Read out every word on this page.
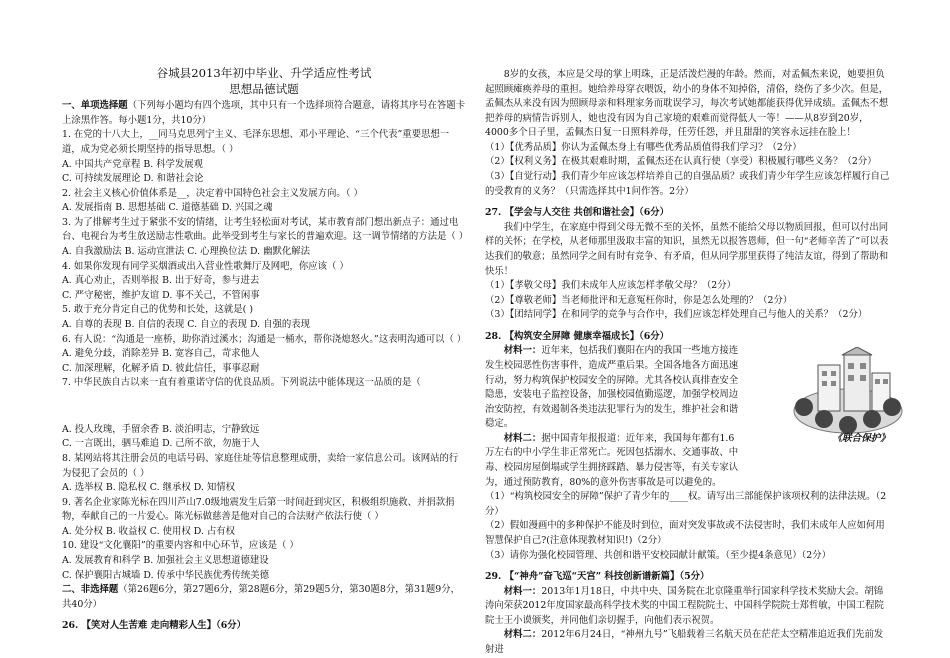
谷城县2013年初中毕业、升学适应性考试

思想品德试题

一、单项选择题（下列每小题均有四个选项，其中只有一个选择项符合题意，请将其序号在答题卡上涂黑作答。每小题1分，共10分）

1. 在党的十八大上，__同马克思列宁主义、毛泽东思想、邓小平理论、“三个代表”重要思想一道，成为党必须长期坚持的指导思想。（ ）

A. 中国共产党章程 B. 科学发展观

C. 可持续发展理论 D. 和谐社会论

2. 社会主义核心价值体系是__，决定着中国特色社会主义发展方向。（ ）

A. 发展指南 B. 思想基础 C. 道德基础 D. 兴国之魂

3. 为了排解考生过于紧张不安的情绪，让考生轻松面对考试，某市教育部门想出新点子：通过电台、电视台为考生放送励志性歌曲。此举受到考生与家长的普遍欢迎。这一调节情绪的方法是（ ）

A. 自我激励法 B. 运动宣泄法 C. 心理换位法 D. 幽默化解法

4. 如果你发现有同学买烟酒或出入营业性歌舞厅及网吧，你应该（ ）

A. 真心劝止，否则举报 B. 出于好奇，参与进去

C. 严守秘密，维护友谊 D. 事不关己，不管闲事

5. 敢于充分肯定自己的优势和长处，这就是( )

A. 自尊的表现 B. 自信的表现 C. 自立的表现 D. 自强的表现

6. 有人说：“沟通是一座桥，助你消过溪水；沟通是一桶水，帮你浇熄怒火。”这表明沟通可以（ ）

A. 避免分歧，消除差异 B. 宽容自己，苛求他人

C. 加深理解，化解矛盾 D. 彼此信任，事事忍耐

7. 中华民族自古以来一直有着重诺守信的优良品质。下列说法中能体现这一品质的是（

A. 投人玫瑰，手留余香 B. 淡泊明志，宁静致远

C. 一言既出，驷马难追 D. 己所不欲，勿施于人

8. 某网站将其注册会员的电话号码、家庭住址等信息整理成册，卖给一家信息公司。该网站的行为侵犯了会员的（ ）

A. 选举权 B. 隐私权 C. 继承权 D. 知情权

9. 著名企业家陈光标在四川芦山7.0级地震发生后第一时间赶到灾区，积极组织施救、并捐款捐物，奉献自己的一片爱心。陈光标做慈善是他对自己的合法财产依法行使（ ）

A. 处分权 B. 收益权 C. 使用权 D. 占有权

10. 建设“文化襄阳”的重要内容和中心环节，应该是（ ）

A. 发展教育和科学 B. 加强社会主义思想道德建设

C. 保护襄阳古城墙 D. 传承中华民族优秀传统美德

二、非选择题（第26题6分，第27题6分，第28题6分，第29题5分，第30题8分，第31题9分，共40分）

26. 【笑对人生苦难 走向精彩人生】（6分）

8岁的女孩，本应是父母的掌上明珠，正是活泼烂漫的年龄。然而，对孟佩杰来说，她要担负起照顾瘫痪养母的重担。她给养母穿衣喂饭，幼小的身体不知掉俗，清俗，绕伤了多少次。但是，孟佩杰从来没有因为照顾母亲和料理家务而耽误学习，每次考试她都能获得优异成绩。孟佩杰不想把养母的病情告诉别人，她也没有因为自己家境的艰难而觉得低人一等！——从8岁到20岁，4000多个日子里，孟佩杰日复一日照料养母，任劳任怨，并且甜甜的笑容永远挂在脸上！

（1）【优秀品质】你认为孟佩杰身上有哪些优秀品质值得我们学习？（2分）

（2）【权利义务】在极其艰难时期，孟佩杰还在认真行使（享受）积极履行哪些义务？（2分）

（3）【自觉行动】我们青少年应该怎样培养自己的自强品质？或我们青少年学生应该怎样履行自己的受教育的义务？（只需选择其中1问作答。2分）

27. 【学会与人交往 共创和谐社会】（6分）

我们中学生，在家庭中得到父母无微不至的关怀，虽然不能给父母以物质回报，但可以付出同样的关怀；在学校，从老师那里汲取丰富的知识，虽然无以报答恩师，但一句“老师辛苦了”可以表达我们的敬意；虽然同学之间有时有竞争、有矛盾，但从同学那里获得了纯洁友谊，得到了帮助和快乐！

（1）【孝敬父母】我们未成年人应该怎样孝敬父母？（2分）

（2）【尊敬老师】当老师批评和无意冤枉你时，你是怎么处理的？（2分）

（3）【团结同学】在和同学的竞争与合作中，我们应该怎样处理自己与他人的关系？（2分）

28. 【构筑安全屏障 健康幸福成长】（6分）

材料一：近年来，包括我们襄阳在内的我国一些地方接连发生校园恶性伤害事件，造成严重后果。全国各地各方面迅速行动，努力构筑保护校园安全的屏障。尤其各校认真排查安全隐患，安装电子监控设备，加强校园值勤巡逻，加强学校周边治安防控，有效遏制各类违法犯罪行为的发生，维护社会和谐稳定。

材料二：据中国青年报报道：近年来，我国每年都有1.6万左右的中小学生非正常死亡。死因包括溺水、交通事故、中毒、校园房屋倒塌或学生拥挤踩踏、暴力侵害等，有关专家认为，通过预防教育，80%的意外伤害事故是可以避免的。

（1）“构筑校园安全的屏障”保护了青少年的____权。请写出三部能保护该项权利的法律法规。（2分）

（2）假如漫画中的多种保护不能及时到位，面对突发事故或不法侵害时，我们未成年人应如何用智慧保护自己?(注意体现教材知识!)（2分）

（3）请你为强化校园管理、共创和谐平安校园献计献策。（至少提4条意见）（2分）

29. 【“神舟”奋飞巡“天宫” 科技创新谱新篇】（5分）

材料一：2013年1月18日，中共中央、国务院在北京隆重举行国家科学技术奖励大会。胡锦涛向荣获2012年度国家最高科学技术奖的中国工程院院士、中国科学院院士郑哲敏，中国工程院院士王小谟颁奖，并同他们亲切握手，向他们表示祝贺。

材料二：2012年6月24日，“神州九号”飞船载着三名航天员在茫茫太空精准追近我们先前发射进

《联合保护》
